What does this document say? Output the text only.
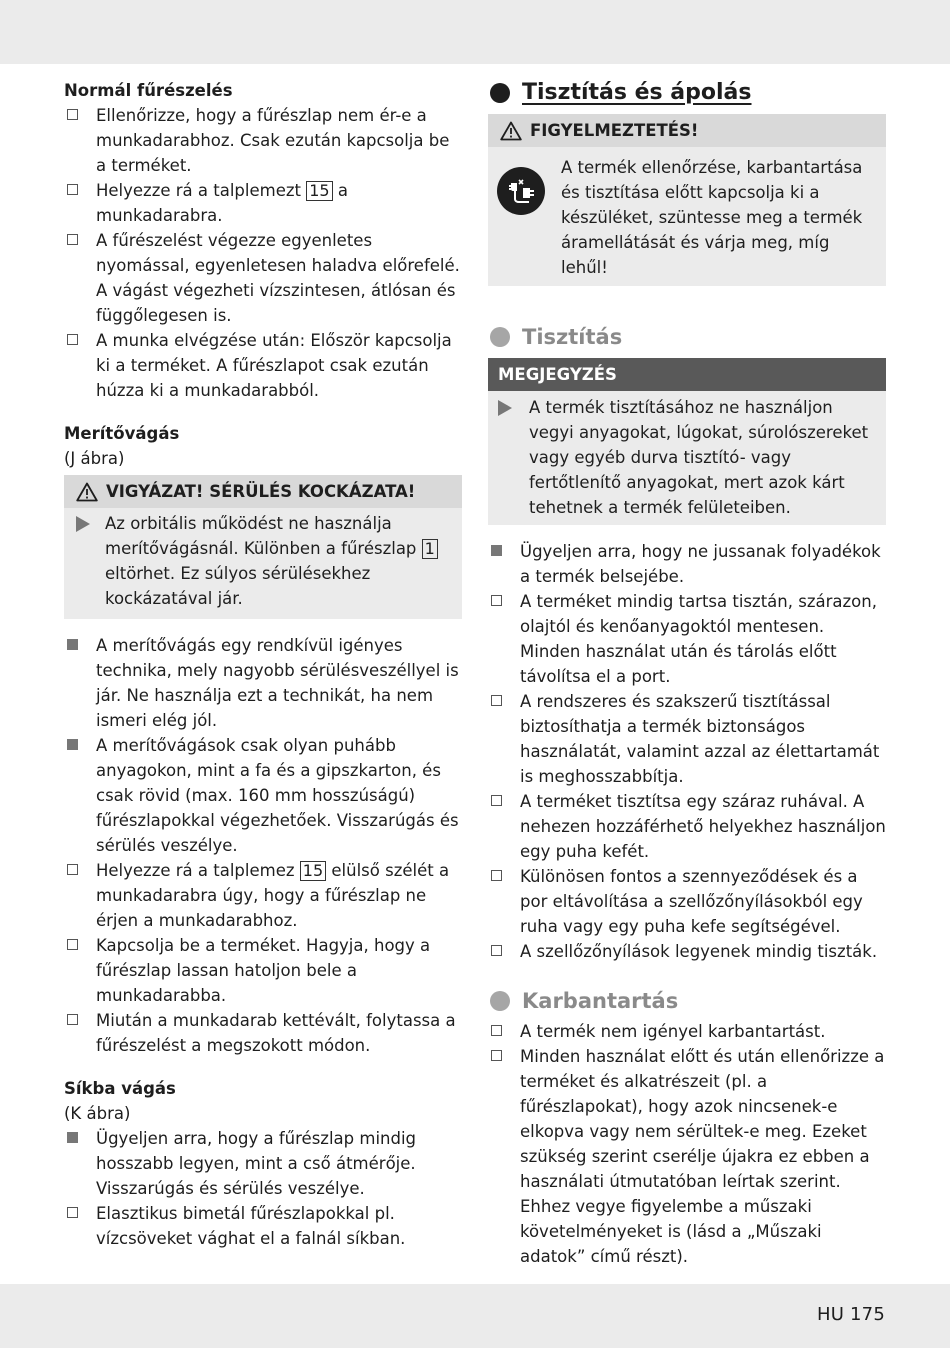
Normál fűrészelés
Ellenőrizze, hogy a fűrészlap nem ér-e a munkadarabhoz. Csak ezután kapcsolja be a terméket.
Helyezze rá a talplemezt 15 a munkadarabra.
A fűrészelést végezze egyenletes nyomással, egyenletesen haladva előrefelé. A vágást végezheti vízszintesen, átlósan és függőlegesen is.
A munka elvégzése után: Először kapcsolja ki a terméket. A fűrészlapot csak ezután húzza ki a munkadarabból.
Merítővágás
(J ábra)
VIGYÁZAT! SÉRÜLÉS KOCKÁZATA!
Az orbitális működést ne használja merítővágásnál. Különben a fűrészlap 1 eltörhet. Ez súlyos sérülésekhez kockázatával jár.
A merítővágás egy rendkívül igényes technika, mely nagyobb sérülésveszéllyel is jár. Ne használja ezt a technikát, ha nem ismeri elég jól.
A merítővágások csak olyan puhább anyagokon, mint a fa és a gipszkarton, és csak rövid (max. 160 mm hosszúságú) fűrészlapokkal végezhetőek. Visszarúgás és sérülés veszélye.
Helyezze rá a talplemez 15 elülső szélét a munkadarabra úgy, hogy a fűrészlap ne érjen a munkadarabhoz.
Kapcsolja be a terméket. Hagyja, hogy a fűrészlap lassan hatoljon bele a munkadarabba.
Miután a munkadarab kettévált, folytassa a fűrészelést a megszokott módon.
Síkba vágás
(K ábra)
Ügyeljen arra, hogy a fűrészlap mindig hosszabb legyen, mint a cső átmérője. Visszarúgás és sérülés veszélye.
Elasztikus bimetál fűrészlapokkal pl. vízcsöveket vághat el a falnál síkban.
Tisztítás és ápolás
FIGYELMEZTETÉS!
A termék ellenőrzése, karbantartása és tisztítása előtt kapcsolja ki a készüléket, szüntesse meg a termék áramellátását és várja meg, míg lehűl!
Tisztítás
MEGJEGYZÉS
A termék tisztításához ne használjon vegyi anyagokat, lúgokat, súrolószereket vagy egyéb durva tisztító- vagy fertőtlenítő anyagokat, mert azok kárt tehetnek a termék felületeiben.
Ügyeljen arra, hogy ne jussanak folyadékok a termék belsejébe.
A terméket mindig tartsa tisztán, szárazon, olajtól és kenőanyagoktól mentesen. Minden használat után és tárolás előtt távolítsa el a port.
A rendszeres és szakszerű tisztítással biztosíthatja a termék biztonságos használatát, valamint azzal az élettartamát is meghosszabbítja.
A terméket tisztítsa egy száraz ruhával. A nehezen hozzáférhető helyekhez használjon egy puha kefét.
Különösen fontos a szennyeződések és a por eltávolítása a szellőzőnyílásokból egy ruha vagy egy puha kefe segítségével.
A szellőzőnyílások legyenek mindig tiszták.
Karbantartás
A termék nem igényel karbantartást.
Minden használat előtt és után ellenőrizze a terméket és alkatrészeit (pl. a fűrészlapokat), hogy azok nincsenek-e elkopva vagy nem sérültek-e meg. Ezeket szükség szerint cserélje újakra ez ebben a használati útmutatóban leírtak szerint.
Ehhez vegye figyelembe a műszaki követelményeket is (lásd a „Műszaki adatok” című részt).
HU 175
